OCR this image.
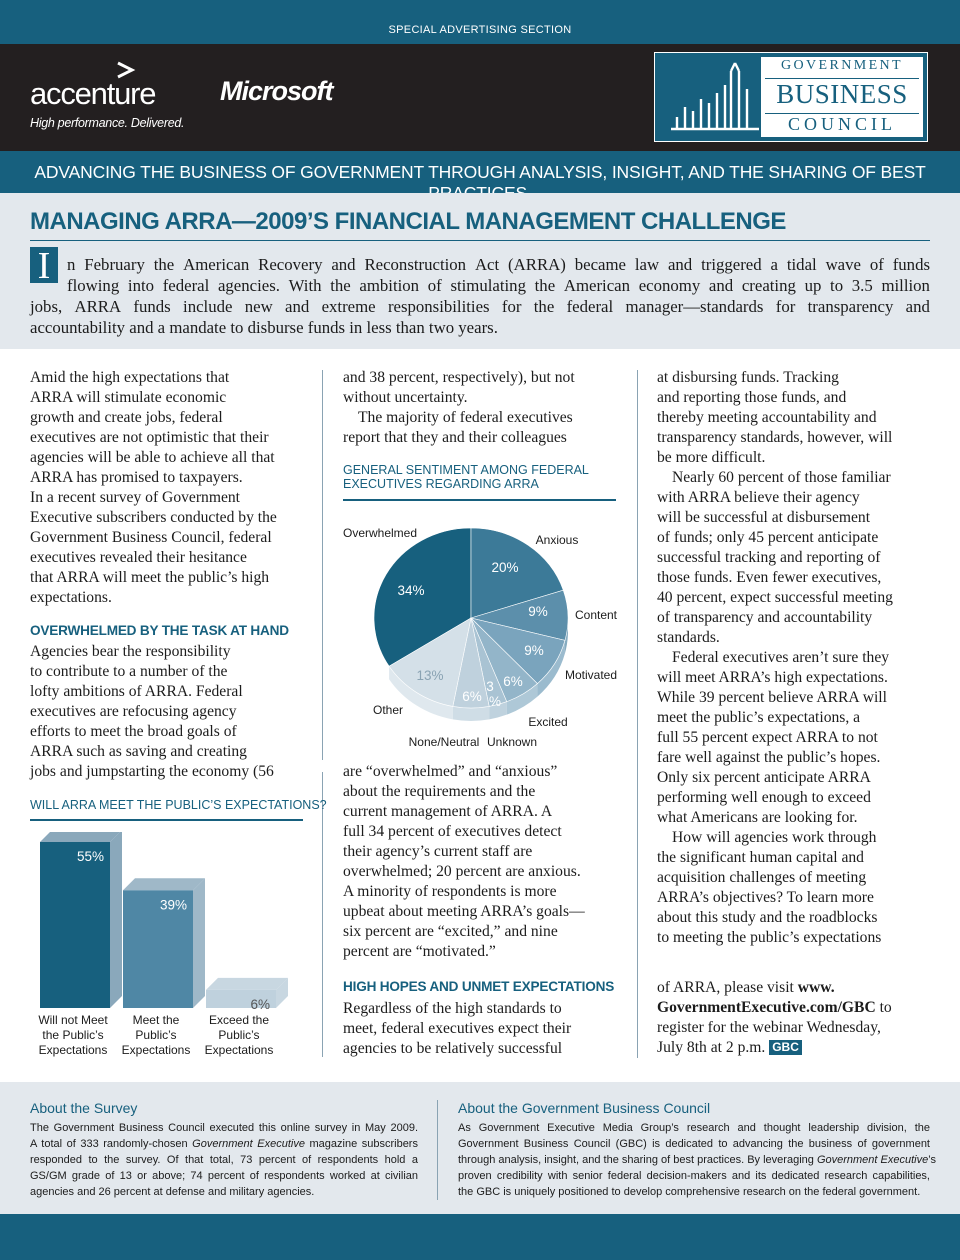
SPECIAL ADVERTISING SECTION
accenture
High performance. Delivered.
Microsoft
GOVERNMENT
BUSINESS
COUNCIL
ADVANCING THE BUSINESS OF GOVERNMENT THROUGH ANALYSIS, INSIGHT, AND THE SHARING OF BEST
MANAGING ARRA—2009’S FINANCIAL MANAGEMENT CHALLENGE
I n February the American Recovery and Reconstruction Act (ARRA) became law and triggered a tidal wave of funds
flowing into federal agencies. With the ambition of stimulating the American economy and creating up to 3.5 million
jobs, ARRA funds include new and extreme responsibilities for the federal manager—standards for transparency and
accountability and a mandate to disburse funds in less than two years.
Amid the high expectations that
ARRA will stimulate economic
growth and create jobs, federal
executives are not optimistic that their
agencies will be able to achieve all that
ARRA has promised to taxpayers.
In a recent survey of Government
Executive subscribers conducted by the
Government Business Council, federal
executives revealed their hesitance
that ARRA will meet the public’s high
expectations.
OVERWHELMED BY THE TASK AT HAND
Agencies bear the responsibility
to contribute to a number of the
lofty ambitions of ARRA. Federal
executives are refocusing agency
efforts to meet the broad goals of
ARRA such as saving and creating
jobs and jumpstarting the economy (56
WILL ARRA MEET THE PUBLIC’S EXPECTATIONS?
55%
Will not Meet
the Public’s
Expectations
39%
Meet the
Public’s
Expectations
6%
Exceed the
Public’s
Expectations
and 38 percent, respectively), but not
without uncertainty.
The majority of federal executives
report that they and their colleagues
GENERAL SENTIMENT AMONG FEDERAL EXECUTIVES REGARDING ARRA
34%
20%
9%
9%
6%
3
%
6%
13%
Overwhelmed	Anxious
Content
Motivated
Excited
Unknown
None/Neutral
Other
are “overwhelmed” and “anxious”
about the requirements and the
current management of ARRA. A
full 34 percent of executives detect
their agency’s current staff are
overwhelmed; 20 percent are anxious.
A minority of respondents is more
upbeat about meeting ARRA’s goals—
six percent are “excited,” and nine
percent are “motivated.”
HIGH HOPES AND UNMET EXPECTATIONS
Regardless of the high standards to
meet, federal executives expect their
agencies to be relatively successful
at disbursing funds. Tracking
and reporting those funds, and
thereby meeting accountability and
transparency standards, however, will
be more difficult.
Nearly 60 percent of those familiar
with ARRA believe their agency
will be successful at disbursement
of funds; only 45 percent anticipate
successful tracking and reporting of
those funds. Even fewer executives,
40 percent, expect successful meeting
of transparency and accountability
standards.
Federal executives aren’t sure they
will meet ARRA’s high expectations.
While 39 percent believe ARRA will
meet the public’s expectations, a
full 55 percent expect ARRA to not
fare well against the public’s hopes.
Only six percent anticipate ARRA
performing well enough to exceed
what Americans are looking for.
How will agencies work through
the significant human capital and
acquisition challenges of meeting
ARRA’s objectives? To learn more
about this study and the roadblocks
to meeting the public’s expectations
of ARRA, please visit www.
GovernmentExecutive.com/GBC to
register for the webinar Wednesday,
July 8th at 2 p.m. GBC
About the Survey
The Government Business Council executed this online survey in May 2009.
A total of 333 randomly-chosen Government Executive magazine subscribers
responded to the survey. Of that total, 73 percent of respondents hold a
GS/GM grade of 13 or above; 74 percent of respondents worked at civilian
agencies and 26 percent at defense and military agencies.
About the Government Business Council
As Government Executive Media Group’s research and thought leadership division, the
Government Business Council (GBC) is dedicated to advancing the business of government
through analysis, insight, and the sharing of best practices. By leveraging Government Executive’s
proven credibility with senior federal decision-makers and its dedicated research capabilities,
the GBC is uniquely positioned to develop comprehensive research on the federal government.
